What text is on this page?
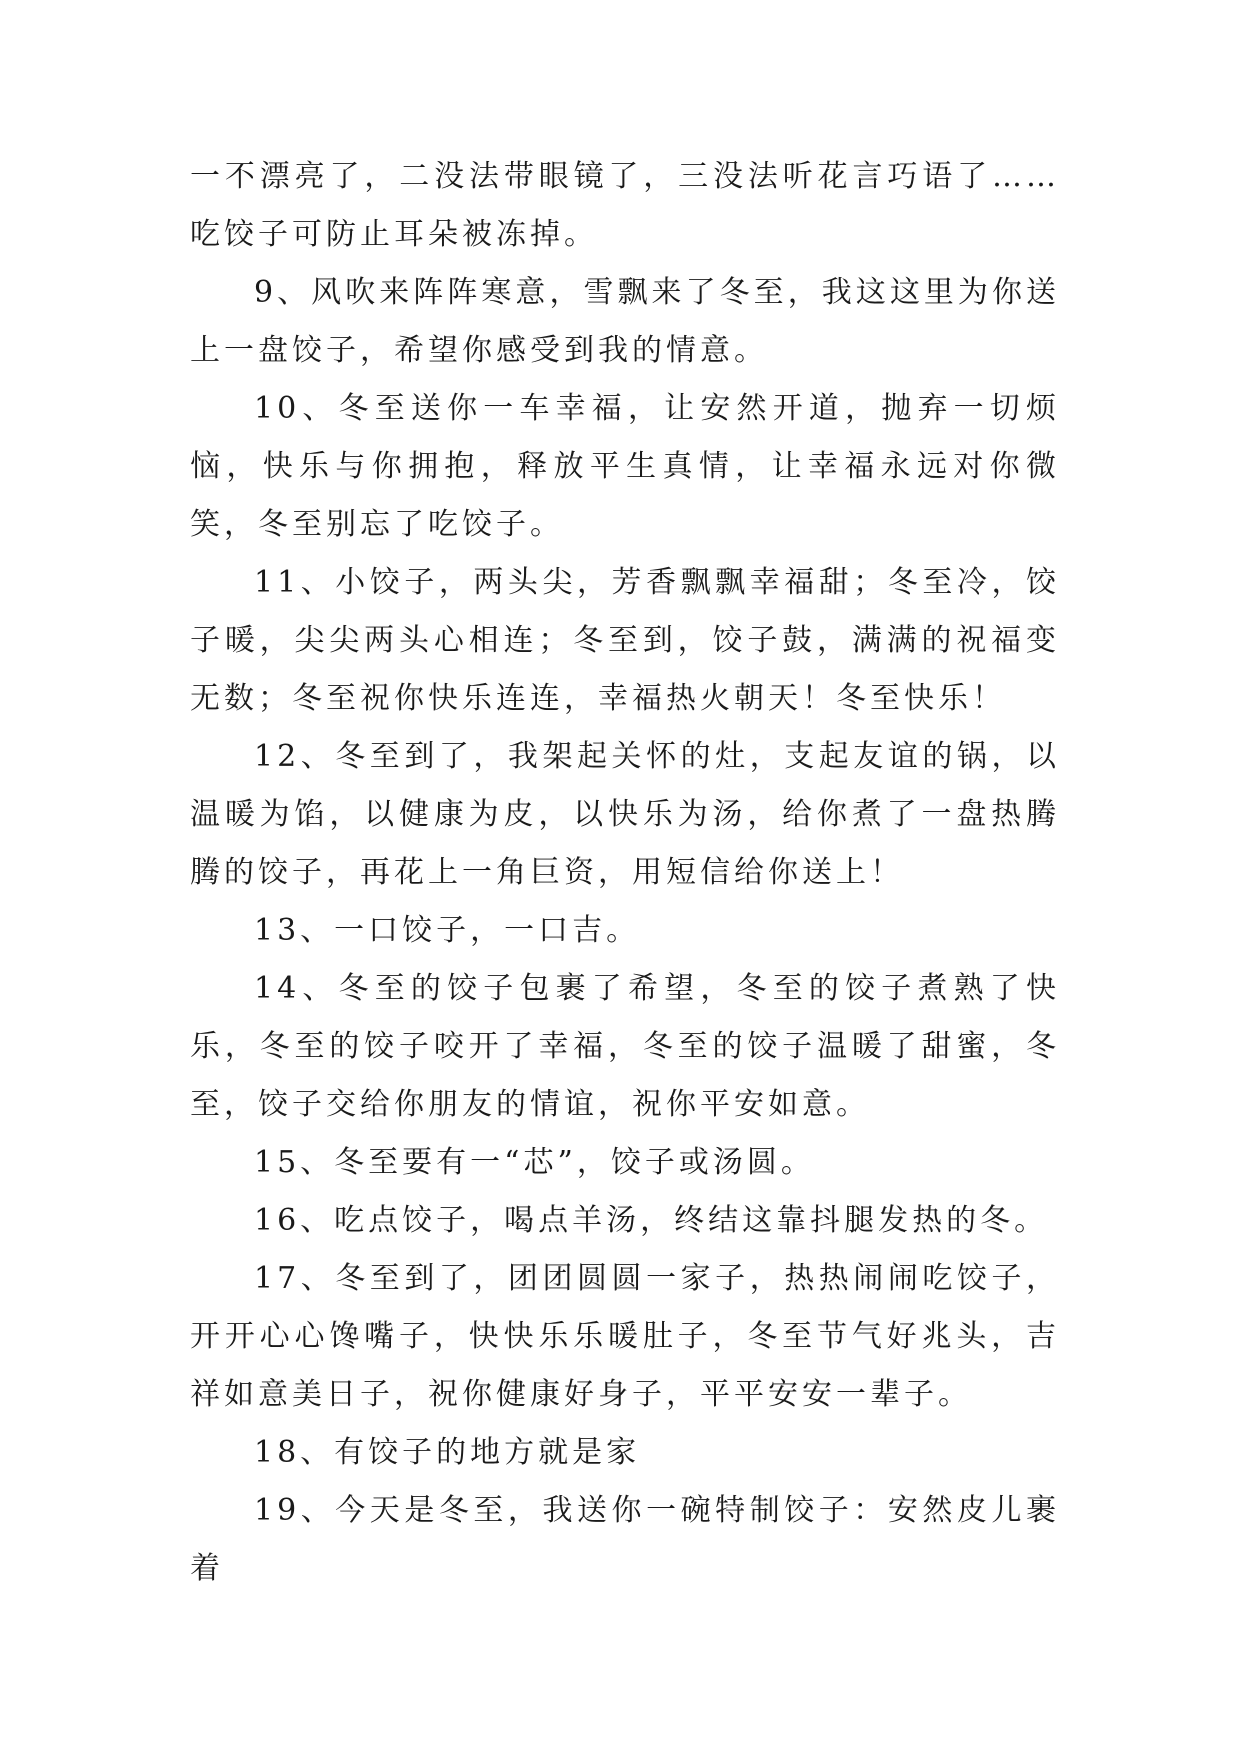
一不漂亮了，二没法带眼镜了，三没法听花言巧语了……吃饺子可防止耳朵被冻掉。

9、风吹来阵阵寒意，雪飘来了冬至，我这这里为你送上一盘饺子，希望你感受到我的情意。

10、冬至送你一车幸福，让安然开道，抛弃一切烦恼，快乐与你拥抱，释放平生真情，让幸福永远对你微笑，冬至别忘了吃饺子。

11、小饺子，两头尖，芳香飘飘幸福甜；冬至冷，饺子暖，尖尖两头心相连；冬至到，饺子鼓，满满的祝福变无数；冬至祝你快乐连连，幸福热火朝天！冬至快乐！

12、冬至到了，我架起关怀的灶，支起友谊的锅，以温暖为馅，以健康为皮，以快乐为汤，给你煮了一盘热腾腾的饺子，再花上一角巨资，用短信给你送上！

13、一口饺子，一口吉。

14、冬至的饺子包裹了希望，冬至的饺子煮熟了快乐，冬至的饺子咬开了幸福，冬至的饺子温暖了甜蜜，冬至，饺子交给你朋友的情谊，祝你平安如意。

15、冬至要有一“芯”，饺子或汤圆。

16、吃点饺子，喝点羊汤，终结这靠抖腿发热的冬。

17、冬至到了，团团圆圆一家子，热热闹闹吃饺子，开开心心馋嘴子，快快乐乐暖肚子，冬至节气好兆头，吉祥如意美日子，祝你健康好身子，平平安安一辈子。

18、有饺子的地方就是家

19、今天是冬至，我送你一碗特制饺子：安然皮儿裹着
